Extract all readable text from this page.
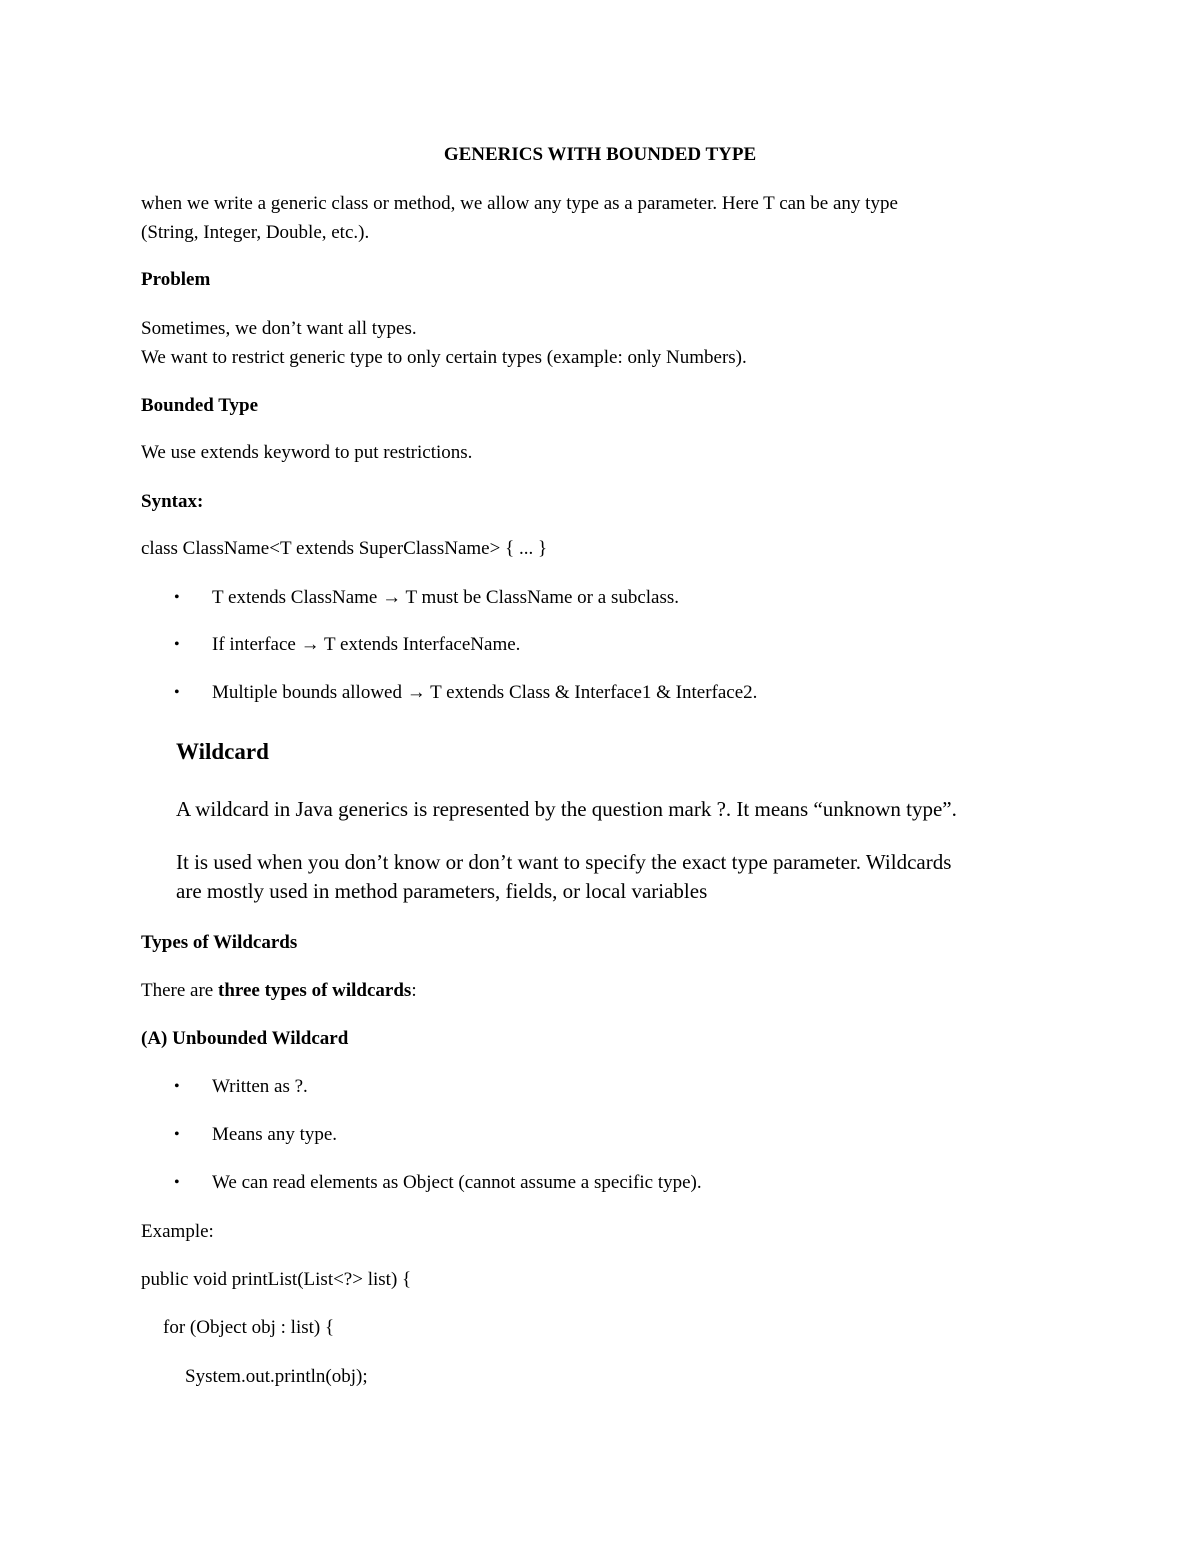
GENERICS WITH BOUNDED TYPE
when we write a generic class or method, we allow any type as a parameter. Here T can be any type
(String, Integer, Double, etc.).
Problem
Sometimes, we don’t want all types.
We want to restrict generic type to only certain types (example: only Numbers).
Bounded Type
We use extends keyword to put restrictions.
Syntax:
class ClassName<T extends SuperClassName> { ... }
• T extends ClassName → T must be ClassName or a subclass.
• If interface → T extends InterfaceName.
• Multiple bounds allowed → T extends Class & Interface1 & Interface2.
Wildcard
A wildcard in Java generics is represented by the question mark ?. It means “unknown type”.
It is used when you don’t know or don’t want to specify the exact type parameter. Wildcards
are mostly used in method parameters, fields, or local variables
Types of Wildcards
There are three types of wildcards:
(A) Unbounded Wildcard
• Written as ?.
• Means any type.
• We can read elements as Object (cannot assume a specific type).
Example:
public void printList(List<?> list) {
for (Object obj : list) {
System.out.println(obj);
